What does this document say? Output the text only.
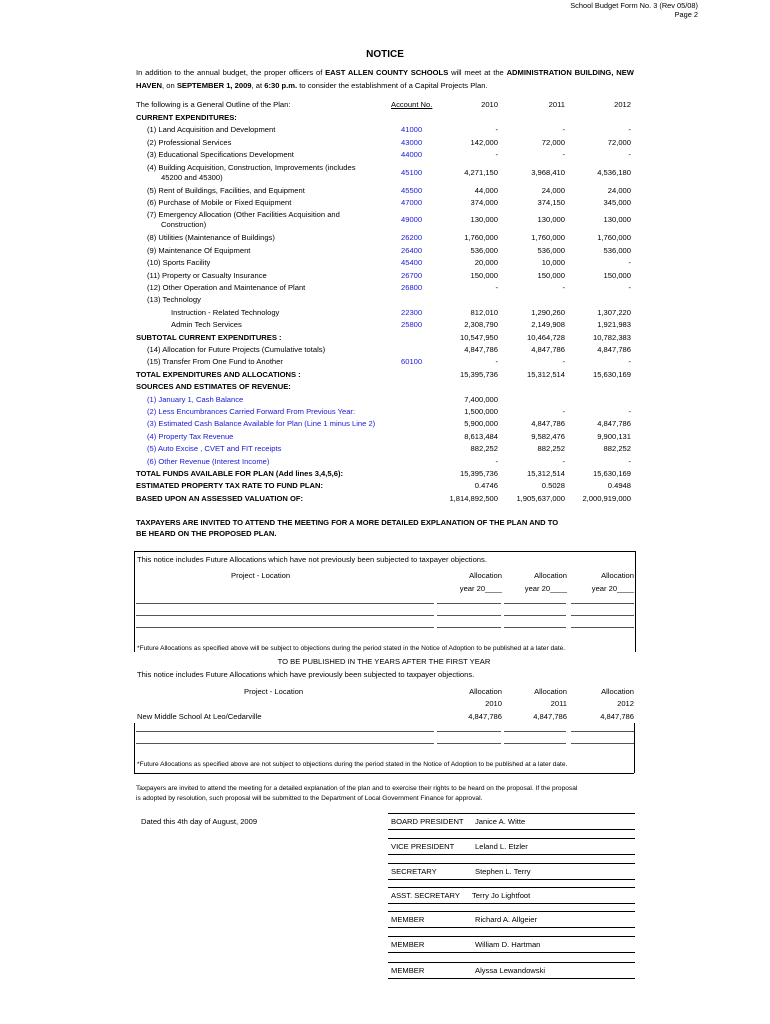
School Budget Form No. 3 (Rev 05/08)
Page 2
NOTICE
In addition to the annual budget, the proper officers of EAST ALLEN COUNTY SCHOOLS will meet at the ADMINISTRATION BUILDING, NEW HAVEN, on SEPTEMBER 1, 2009, at 6:30 p.m. to consider the establishment of a Capital Projects Plan.
The following is a General Outline of the Plan:	Account No.	2010	2011	2012
CURRENT EXPENDITURES:
(1) Land Acquisition and Development	41000	-	-	-
(2) Professional Services	43000	142,000	72,000	72,000
(3) Educational Specifications Development	44000	-	-	-
(4) Building Acquisition, Construction, Improvements (includes
45200 and 45300)
45100	4,271,150	3,968,410	4,536,180
(5) Rent of Buildings, Facilities, and Equipment	45500	44,000	24,000	24,000
(6) Purchase of Mobile or Fixed Equipment	47000	374,000	374,150	345,000
(7) Emergency Allocation (Other Facilities Acquisition and
Construction)
49000	130,000	130,000	130,000
(8) Utilities (Maintenance of Buildings)	26200	1,760,000	1,760,000	1,760,000
(9) Maintenance Of Equipment	26400	536,000	536,000	536,000
(10) Sports Facility	45400	20,000	10,000	-
(11) Property or Casualty Insurance	26700	150,000	150,000	150,000
(12) Other Operation and Maintenance of Plant	26800	-	-	-
(13) Technology
Instruction - Related Technology	22300	812,010	1,290,260	1,307,220
Admin Tech Services	25800	2,308,790	2,149,908	1,921,983
SUBTOTAL CURRENT EXPENDITURES :	10,547,950	10,464,728	10,782,383
(14) Allocation for Future Projects (Cumulative totals)	4,847,786	4,847,786	4,847,786
(15) Transfer From One Fund to Another	60100	-	-	-
TOTAL EXPENDITURES AND ALLOCATIONS :	15,395,736	15,312,514	15,630,169
SOURCES AND ESTIMATES OF REVENUE:
(1) January 1, Cash Balance	7,400,000
(2) Less Encumbrances Carried Forward From Previous Year:	1,500,000	-	-
(3) Estimated Cash Balance Available for Plan (Line 1 minus Line 2)	5,900,000	4,847,786	4,847,786
(4) Property Tax Revenue	8,613,484	9,582,476	9,900,131
(5) Auto Excise , CVET and FIT receipts	882,252	882,252	882,252
(6) Other Revenue (Interest Income)	-	-	-
TOTAL FUNDS AVAILABLE FOR PLAN (Add lines 3,4,5,6):	15,395,736	15,312,514	15,630,169
ESTIMATED PROPERTY TAX RATE TO FUND PLAN:	0.4746	0.5028	0.4948
BASED UPON AN ASSESSED VALUATION OF:	1,814,892,500	1,905,637,000	2,000,919,000
TAXPAYERS ARE INVITED TO ATTEND THE MEETING FOR A MORE DETAILED EXPLANATION OF THE PLAN AND TO
BE HEARD ON THE PROPOSED PLAN.
This notice includes Future Allocations which have not previously been subjected to taxpayer objections.
Project - Location	Allocation	Allocation	Allocation
year 20____	year 20____	year 20____
*Future Allocations as specified above will be subject to objections during the period stated in the Notice of Adoption to be published at a later date.
TO BE PUBLISHED IN THE YEARS AFTER THE FIRST YEAR
This notice includes Future Allocations which have previously been subjected to taxpayer objections.
Project - Location	Allocation	Allocation	Allocation
2010	2011	2012
New Middle School At Leo/Cedarville	4,847,786	4,847,786	4,847,786
*Future Allocations as specified above are not subject to objections during the period stated in the Notice of Adoption to be published at a later date.
Taxpayers are invited to attend the meeting for a detailed explanation of the plan and to exercise their rights to be heard on the proposal. If the proposal
is adopted by resolution, such proposal will be submitted to the Department of Local Government Finance for approval.
Dated this 4th day of August, 2009	BOARD PRESIDENT Janice A. Witte
VICE PRESIDENT	Leland L. Etzler
SECRETARY	Stephen L. Terry
ASST. SECRETARY Terry Jo Lightfoot
MEMBER	Richard A. Allgeier
MEMBER	William D. Hartman
MEMBER	Alyssa Lewandowski
